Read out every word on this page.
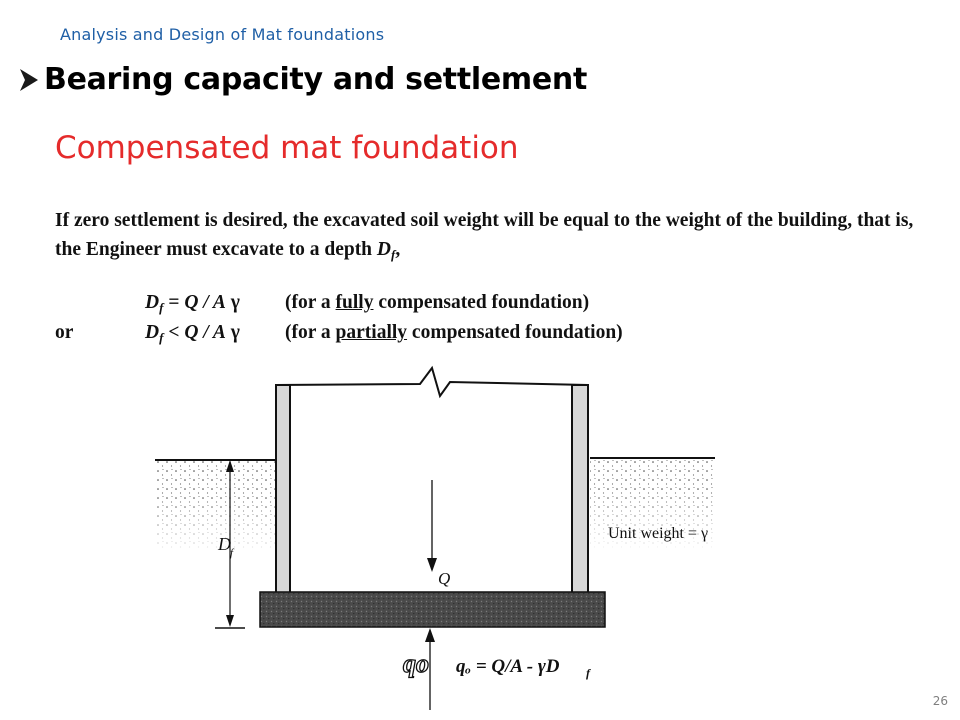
Analysis and Design of Mat foundations
Bearing capacity and settlement
Compensated mat foundation
If zero settlement is desired, the excavated soil weight will be equal to the weight of the building, that is, the Engineer must excavate to a depth $D_f$,
$D_f = Q / A$ γ (for a fully compensated foundation)
or	$D_f < Q / A$ γ (for a partially compensated foundation)
D f
Q
Unit weight = γ
qo qₒ = Q/A - γD f
26
